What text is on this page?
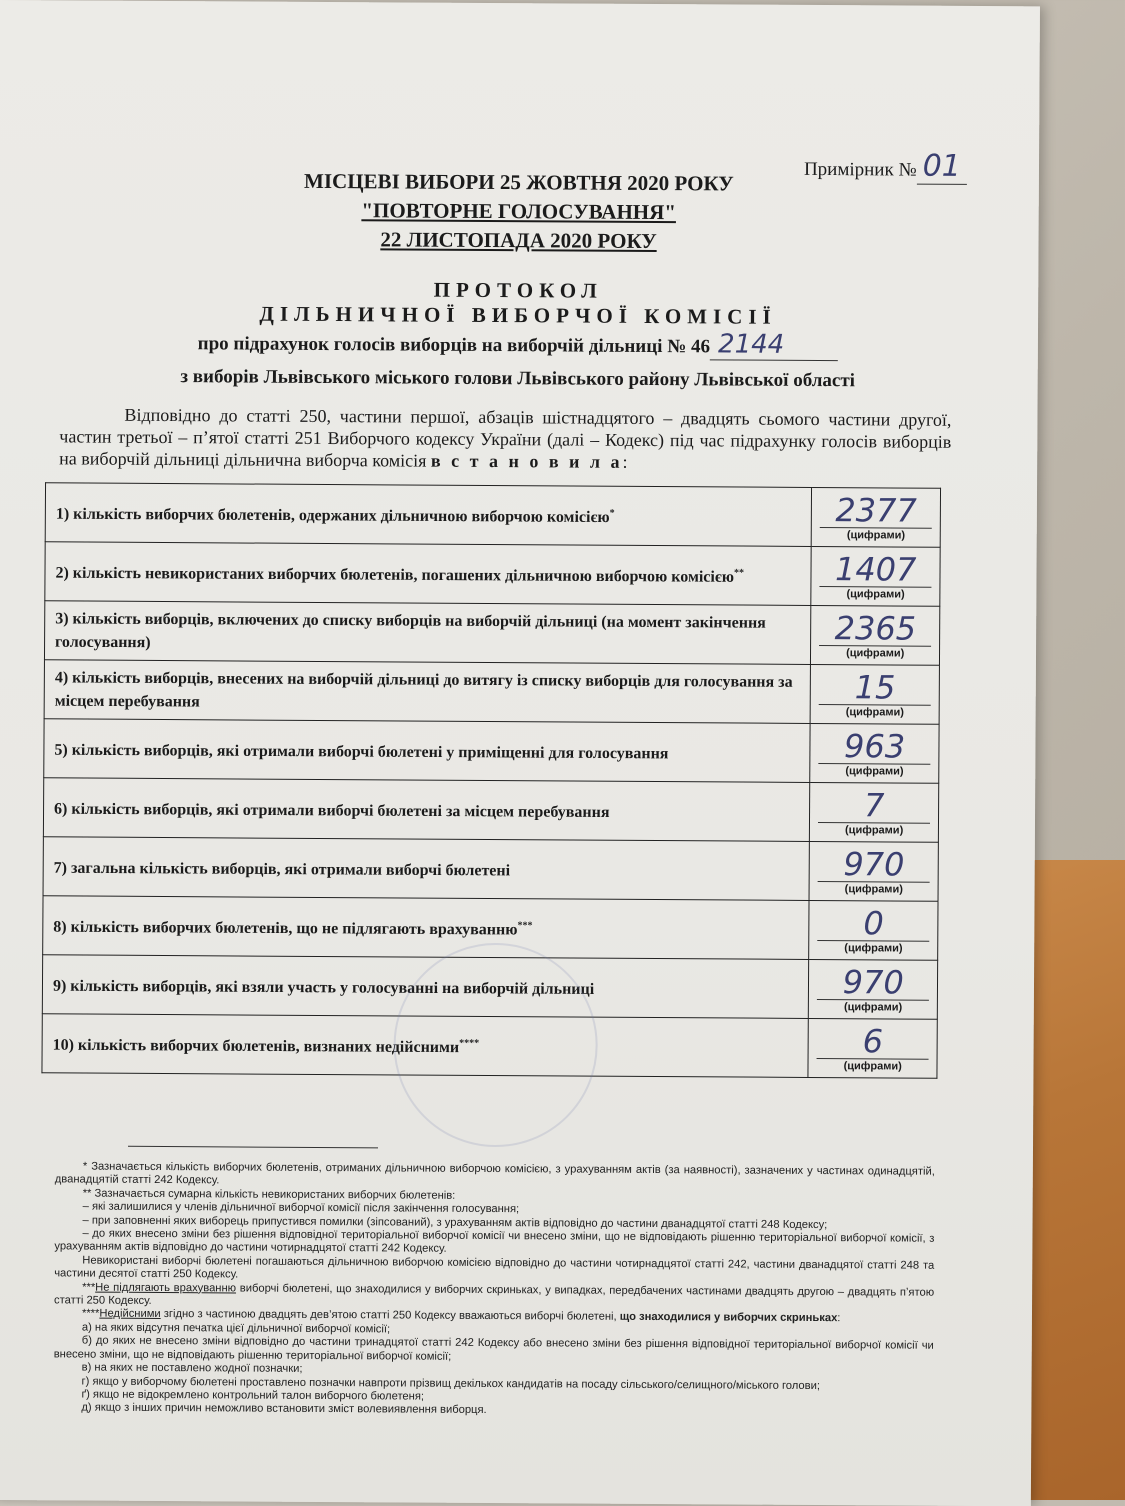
Примірник № 01
МІСЦЕВІ ВИБОРИ 25 ЖОВТНЯ 2020 РОКУ
"ПОВТОРНЕ ГОЛОСУВАННЯ"
22 ЛИСТОПАДА 2020 РОКУ
ПРОТОКОЛ
ДІЛЬНИЧНОЇ ВИБОРЧОЇ КОМІСІЇ
про підрахунок голосів виборців на виборчій дільниці № 46 2144
з виборів Львівського міського голови Львівського району Львівської області
Відповідно до статті 250, частини першої, абзаців шістнадцятого – двадцять сьомого частини другої, частин третьої – п’ятої статті 251 Виборчого кодексу України (далі – Кодекс) під час підрахунку голосів виборців на виборчій дільниці дільнична виборча комісія в с т а н о в и л а:
1) кількість виборчих бюлетенів, одержаних дільничною виборчою комісією*	2377
(цифрами)

2) кількість невикористаних виборчих бюлетенів, погашених дільничною виборчою комісією**	1407
(цифрами)

3) кількість виборців, включених до списку виборців на виборчій дільниці (на момент закінчення голосування)	2365
(цифрами)

4) кількість виборців, внесених на виборчій дільниці до витягу із списку виборців для голосування за місцем перебування	15
(цифрами)

5) кількість виборців, які отримали виборчі бюлетені у приміщенні для голосування	963
(цифрами)

6) кількість виборців, які отримали виборчі бюлетені за місцем перебування	7
(цифрами)

7) загальна кількість виборців, які отримали виборчі бюлетені	970
(цифрами)

8) кількість виборчих бюлетенів, що не підлягають врахуванню***	0
(цифрами)

9) кількість виборців, які взяли участь у голосуванні на виборчій дільниці	970
(цифрами)

10) кількість виборчих бюлетенів, визнаних недійсними****	6
(цифрами)

* Зазначається кількість виборчих бюлетенів, отриманих дільничною виборчою комісією, з урахуванням актів (за наявності), зазначених у частинах одинадцятій, дванадцятій статті 242 Кодексу.

** Зазначається сумарна кількість невикористаних виборчих бюлетенів:

– які залишилися у членів дільничної виборчої комісії після закінчення голосування;

– при заповненні яких виборець припустився помилки (зіпсований), з урахуванням актів відповідно до частини дванадцятої статті 248 Кодексу;

– до яких внесено зміни без рішення відповідної територіальної виборчої комісії чи внесено зміни, що не відповідають рішенню територіальної виборчої комісії, з урахуванням актів відповідно до частини чотирнадцятої статті 242 Кодексу.

Невикористані виборчі бюлетені погашаються дільничною виборчою комісією відповідно до частини чотирнадцятої статті 242, частини дванадцятої статті 248 та частини десятої статті 250 Кодексу.

***Не підлягають врахуванню виборчі бюлетені, що знаходилися у виборчих скриньках, у випадках, передбачених частинами двадцять другою – двадцять п’ятою статті 250 Кодексу.

****Недійсними згідно з частиною двадцять дев’ятою статті 250 Кодексу вважаються виборчі бюлетені, що знаходилися у виборчих скриньках:

а) на яких відсутня печатка цієї дільничної виборчої комісії;

б) до яких не внесено зміни відповідно до частини тринадцятої статті 242 Кодексу або внесено зміни без рішення відповідної територіальної виборчої комісії чи внесено зміни, що не відповідають рішенню територіальної виборчої комісії;

в) на яких не поставлено жодної позначки;

г) якщо у виборчому бюлетені проставлено позначки навпроти прізвищ декількох кандидатів на посаду сільського/селищного/міського голови;

ґ) якщо не відокремлено контрольний талон виборчого бюлетеня;

д) якщо з інших причин неможливо встановити зміст волевиявлення виборця.
